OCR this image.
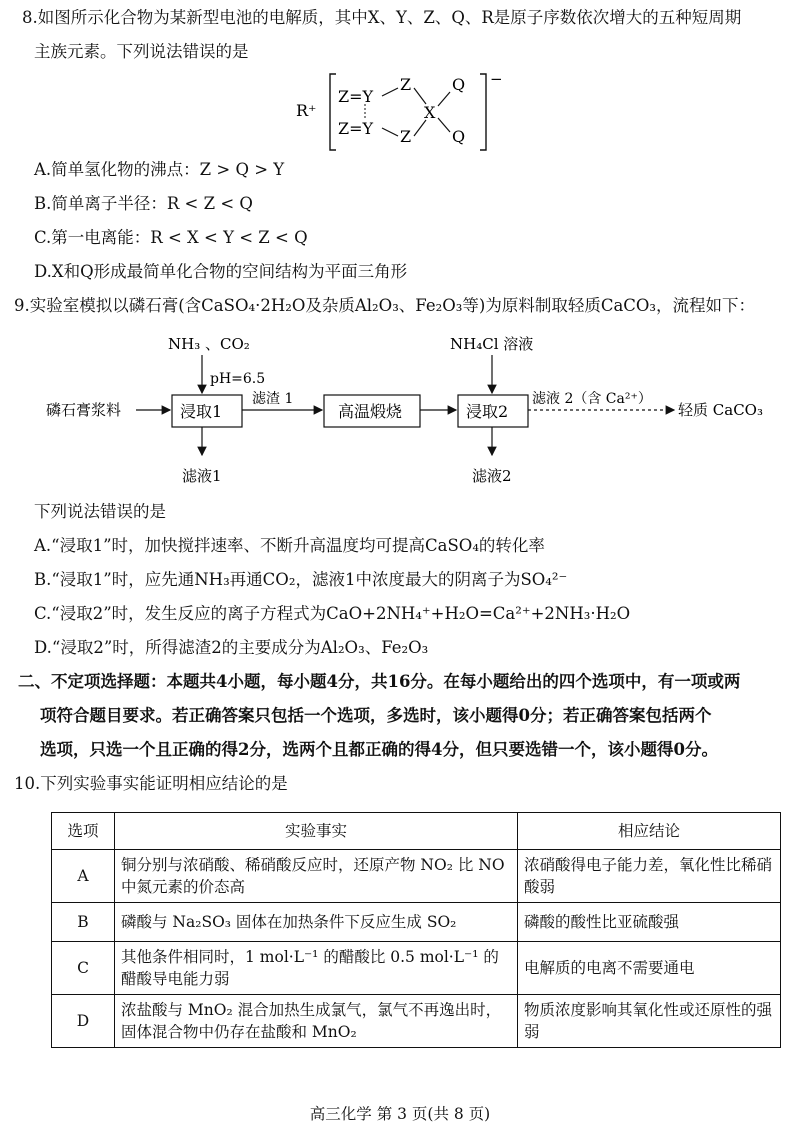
8.如图所示化合物为某新型电池的电解质，其中X、Y、Z、Q、R是原子序数依次增大的五种短周期
主族元素。下列说法错误的是
R⁺
−
Z=Y
Z=Y
Z
Z
X
Q
Q
A.简单氢化物的沸点：Z > Q > Y
B.简单离子半径：R < Z < Q
C.第一电离能：R < X < Y < Z < Q
D.X和Q形成最简单化合物的空间结构为平面三角形
9.实验室模拟以磷石膏(含CaSO₄·2H₂O及杂质Al₂O₃、Fe₂O₃等)为原料制取轻质CaCO₃，流程如下：
NH₃ 、CO₂
pH=6.5
磷石膏浆料	浸取1
滤渣 1
高温煅烧
NH₄Cl 溶液
浸取2
滤液 2（含 Ca²⁺）
轻质 CaCO₃
滤液1	滤液2
下列说法错误的是
A.“浸取1”时，加快搅拌速率、不断升高温度均可提高CaSO₄的转化率
B.“浸取1”时，应先通NH₃再通CO₂，滤液1中浓度最大的阴离子为SO₄²⁻
C.“浸取2”时，发生反应的离子方程式为CaO+2NH₄⁺+H₂O=Ca²⁺+2NH₃·H₂O
D.“浸取2”时，所得滤渣2的主要成分为Al₂O₃、Fe₂O₃
二、不定项选择题：本题共4小题，每小题4分，共16分。在每小题给出的四个选项中，有一项或两
项符合题目要求。若正确答案只包括一个选项，多选时，该小题得0分；若正确答案包括两个
选项，只选一个且正确的得2分，选两个且都正确的得4分，但只要选错一个，该小题得0分。
10.下列实验事实能证明相应结论的是
选项	实验事实	相应结论
A	铜分别与浓硝酸、稀硝酸反应时，还原产物 NO₂ 比 NO 中氮元素的价态高	浓硝酸得电子能力差，氧化性比稀硝酸弱
B	磷酸与 Na₂SO₃ 固体在加热条件下反应生成 SO₂	磷酸的酸性比亚硫酸强
C	其他条件相同时，1 mol·L⁻¹ 的醋酸比 0.5 mol·L⁻¹ 的醋酸导电能力弱	电解质的电离不需要通电
D	浓盐酸与 MnO₂ 混合加热生成氯气，氯气不再逸出时，固体混合物中仍存在盐酸和 MnO₂	物质浓度影响其氧化性或还原性的强弱
高三化学 第 3 页(共 8 页)
